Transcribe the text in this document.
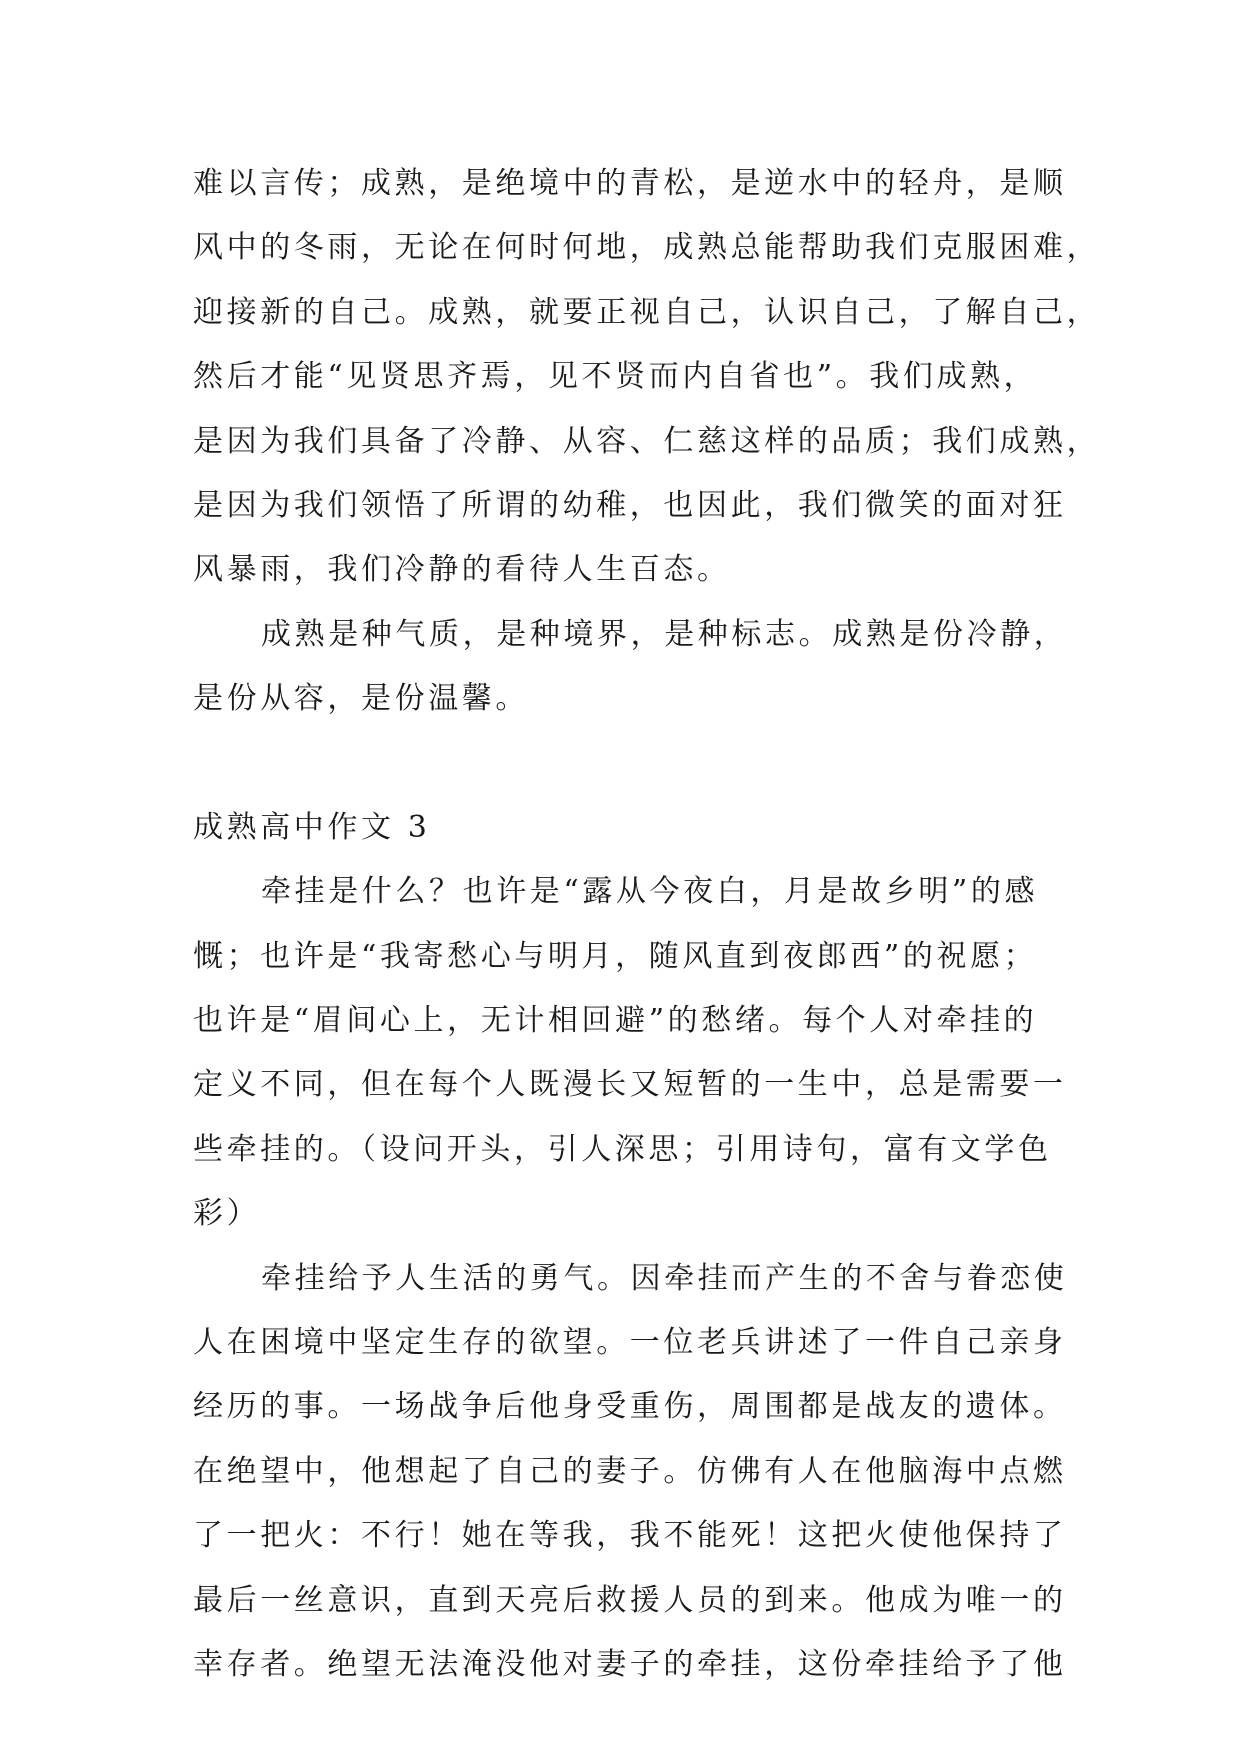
难以言传；成熟，是绝境中的青松，是逆水中的轻舟，是顺
风中的冬雨，无论在何时何地，成熟总能帮助我们克服困难，
迎接新的自己。成熟，就要正视自己，认识自己，了解自己，
然后才能“见贤思齐焉，见不贤而内自省也”。我们成熟，
是因为我们具备了冷静、从容、仁慈这样的品质；我们成熟，
是因为我们领悟了所谓的幼稚，也因此，我们微笑的面对狂
风暴雨，我们冷静的看待人生百态。
成熟是种气质，是种境界，是种标志。成熟是份冷静，
是份从容，是份温馨。
成熟高中作文 3
牵挂是什么？也许是“露从今夜白，月是故乡明”的感
慨；也许是“我寄愁心与明月，随风直到夜郎西”的祝愿；
也许是“眉间心上，无计相回避”的愁绪。每个人对牵挂的
定义不同，但在每个人既漫长又短暂的一生中，总是需要一
些牵挂的。（设问开头，引人深思；引用诗句，富有文学色
彩）
牵挂给予人生活的勇气。因牵挂而产生的不舍与眷恋使
人在困境中坚定生存的欲望。一位老兵讲述了一件自己亲身
经历的事。一场战争后他身受重伤，周围都是战友的遗体。
在绝望中，他想起了自己的妻子。仿佛有人在他脑海中点燃
了一把火：不行！她在等我，我不能死！这把火使他保持了
最后一丝意识，直到天亮后救援人员的到来。他成为唯一的
幸存者。绝望无法淹没他对妻子的牵挂，这份牵挂给予了他
